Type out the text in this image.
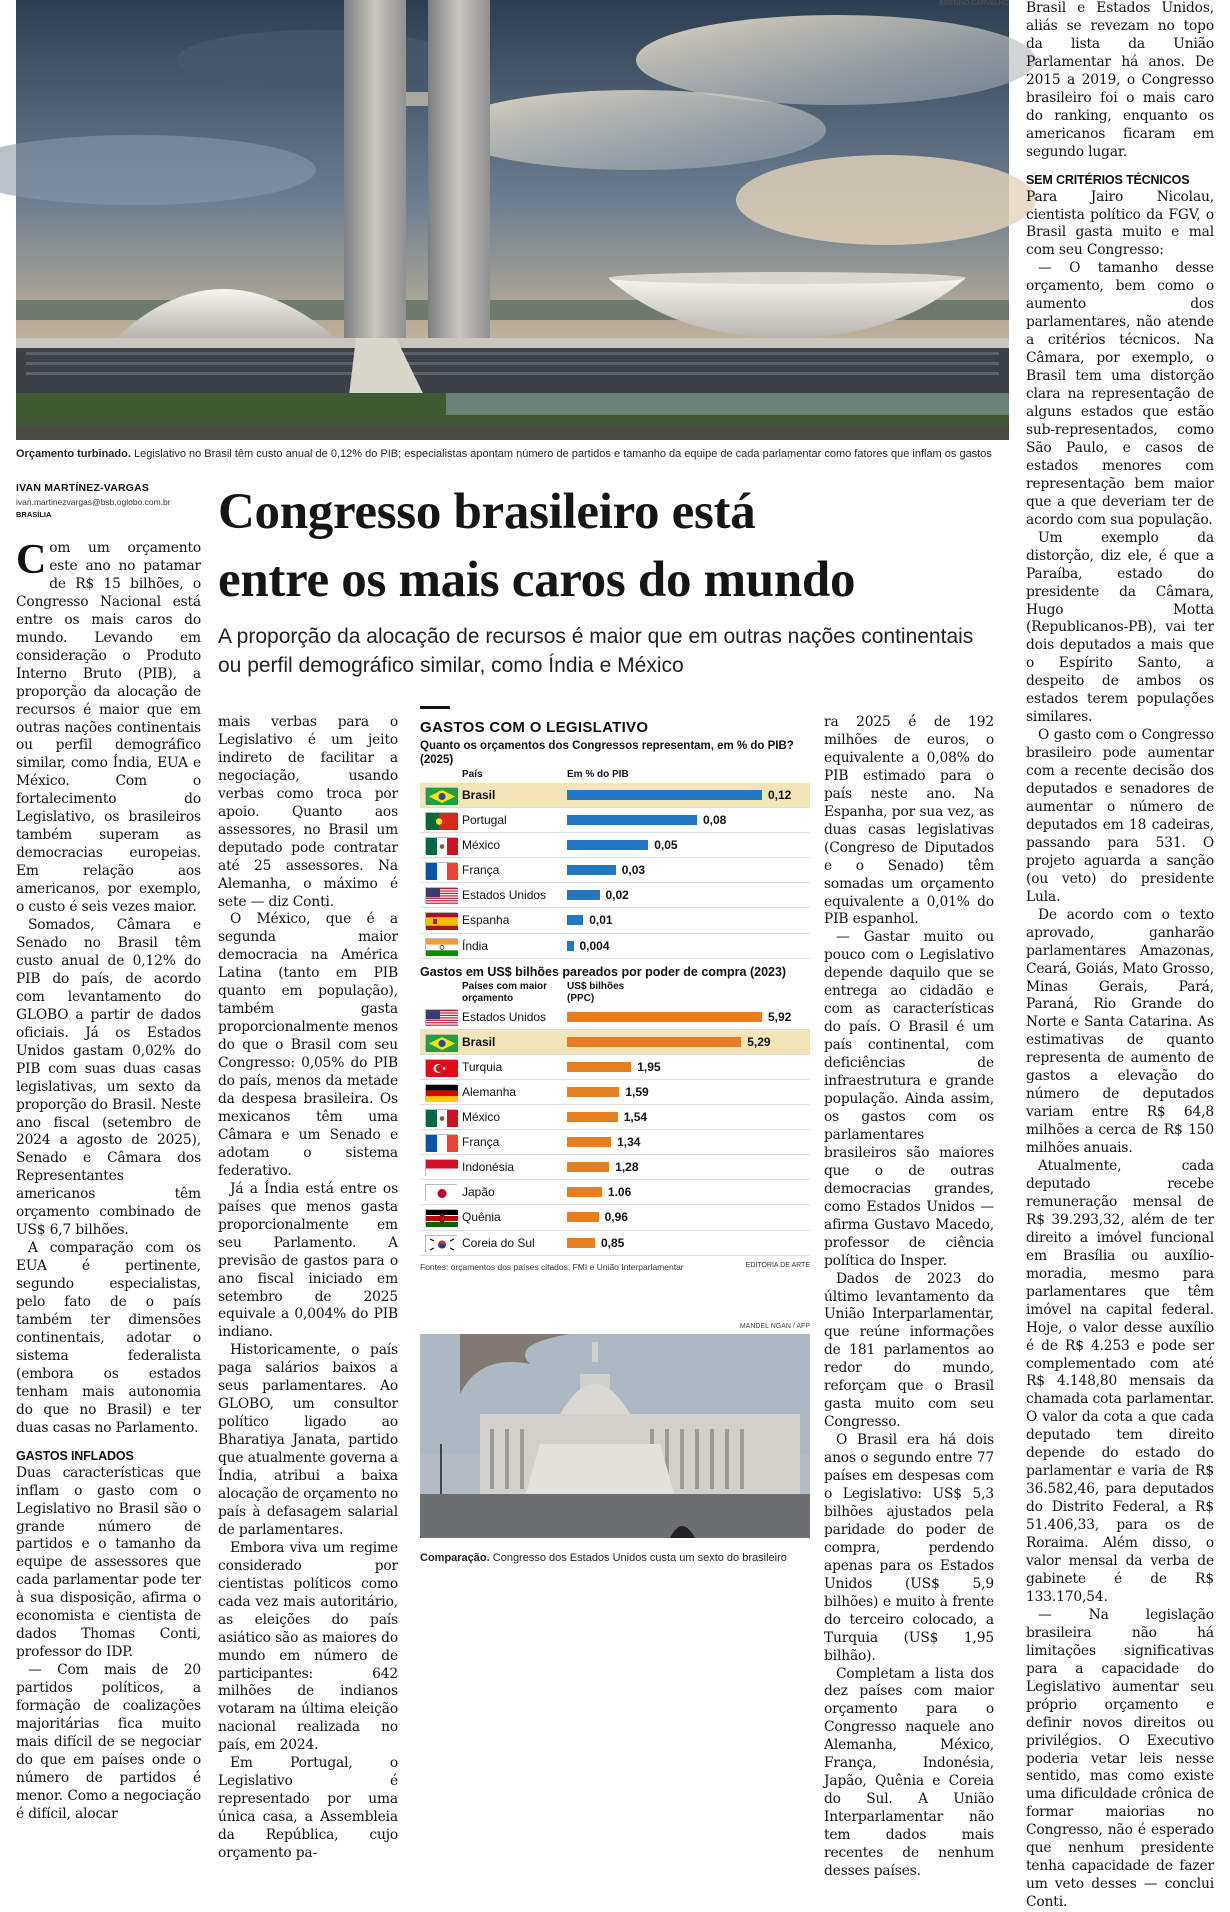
BRENNO CARVALHO
Orçamento turbinado. Legislativo no Brasil têm custo anual de 0,12% do PIB; especialistas apontam número de partidos e tamanho da equipe de cada parlamentar como fatores que inflam os gastos
IVAN MARTÍNEZ-VARGAS
ivan.martinezvargas@bsb.oglobo.com.br
BRASÍLIA	Congresso brasileiro está
entre os mais caros do mundo
A proporção da alocação de recursos é maior que em outras nações continentais ou perfil demográfico similar, como Índia e México

Com um orçamento este ano no patamar de R$ 15 bilhões, o Congresso Nacional está entre os mais caros do mundo. Levando em consideração o Produto Interno Bruto (PIB), a proporção da alocação de recursos é maior que em outras nações continentais ou perfil demográfico similar, como Índia, EUA e México. Com o fortalecimento do Legislativo, os brasileiros também superam as democracias europeias. Em relação aos americanos, por exemplo, o custo é seis vezes maior.

Somados, Câmara e Senado no Brasil têm custo anual de 0,12% do PIB do país, de acordo com levantamento do GLOBO a partir de dados oficiais. Já os Estados Unidos gastam 0,02% do PIB com suas duas casas legislativas, um sexto da proporção do Brasil. Neste ano fiscal (setembro de 2024 a agosto de 2025), Senado e Câmara dos Representantes americanos têm orçamento combinado de US$ 6,7 bilhões.

A comparação com os EUA é pertinente, segundo especialistas, pelo fato de o país também ter dimensões continentais, adotar o sistema federalista (embora os estados tenham mais autonomia do que no Brasil) e ter duas casas no Parlamento.

GASTOS INFLADOS

Duas características que inflam o gasto com o Legislativo no Brasil são o grande número de partidos e o tamanho da equipe de assessores que cada parlamentar pode ter à sua disposição, afirma o economista e cientista de dados Thomas Conti, professor do IDP.

— Com mais de 20 partidos políticos, a formação de coalizações majoritárias fica muito mais difícil de se negociar do que em países onde o número de partidos é menor. Como a negociação é difícil, alocar

mais verbas para o Legislativo é um jeito indireto de facilitar a negociação, usando verbas como troca por apoio. Quanto aos assessores, no Brasil um deputado pode contratar até 25 assessores. Na Alemanha, o máximo é sete — diz Conti.

O México, que é a segunda maior democracia na América Latina (tanto em PIB quanto em população), também gasta proporcionalmente menos do que o Brasil com seu Congresso: 0,05% do PIB do país, menos da metade da despesa brasileira. Os mexicanos têm uma Câmara e um Senado e adotam o sistema federativo.

Já a Índia está entre os países que menos gasta proporcionalmente em seu Parlamento. A previsão de gastos para o ano fiscal iniciado em setembro de 2025 equivale a 0,004% do PIB indiano.

Historicamente, o país paga salários baixos a seus parlamentares. Ao GLOBO, um consultor político ligado ao Bharatiya Janata, partido que atualmente governa a Índia, atribui a baixa alocação de orçamento no país à defasagem salarial de parlamentares.

Embora viva um regime considerado por cientistas políticos como cada vez mais autoritário, as eleições do país asiático são as maiores do mundo em número de participantes: 642 milhões de indianos votaram na última eleição nacional realizada no país, em 2024.

Em Portugal, o Legislativo é representado por uma única casa, a Assembleia da República, cujo orçamento pa-

GASTOS COM O LEGISLATIVO
Quanto os orçamentos dos Congressos representam, em % do PIB? (2025)
País	Em % do PIB
Brasil	0,12
Portugal	0,08
México	0,05
França	0,03
Estados Unidos	0,02
Espanha	0,01
Índia	0,004
Gastos em US$ bilhões pareados por poder de compra (2023)
Países com maior orçamento
US$ bilhões (PPC)
Estados Unidos	5,92
Brasil	5,29
Turquia	1,95
Alemanha	1,59
México	1,54
França	1,34
Indonésia	1,28
Japão	1.06
Quênia	0,96
Coreia do Sul	0,85
Fontes: orçamentos dos países citados, FMI e União Interparlamentar	EDITORIA DE ARTE
MANDEL NGAN / AFP
Comparação. Congresso dos Estados Unidos custa um sexto do brasileiro

ra 2025 é de 192 milhões de euros, o equivalente a 0,08% do PIB estimado para o país neste ano. Na Espanha, por sua vez, as duas casas legislativas (Congreso de Diputados e o Senado) têm somadas um orçamento equivalente a 0,01% do PIB espanhol.

— Gastar muito ou pouco com o Legislativo depende daquilo que se entrega ao cidadão e com as características do país. O Brasil é um país continental, com deficiências de infraestrutura e grande população. Ainda assim, os gastos com os parlamentares brasileiros são maiores que o de outras democracias grandes, como Estados Unidos — afirma Gustavo Macedo, professor de ciência política do Insper.

Dados de 2023 do último levantamento da União Interparlamentar, que reúne informações de 181 parlamentos ao redor do mundo, reforçam que o Brasil gasta muito com seu Congresso.

O Brasil era há dois anos o segundo entre 77 países em despesas com o Legislativo: US$ 5,3 bilhões ajustados pela paridade do poder de compra, perdendo apenas para os Estados Unidos (US$ 5,9 bilhões) e muito à frente do terceiro colocado, a Turquia (US$ 1,95 bilhão).

Completam a lista dos dez países com maior orçamento para o Congresso naquele ano Alemanha, México, França, Indonésia, Japão, Quênia e Coreia do Sul. A União Interparlamentar não tem dados mais recentes de nenhum desses países.

Brasil e Estados Unidos, aliás se revezam no topo da lista da União Parlamentar há anos. De 2015 a 2019, o Congresso brasileiro foi o mais caro do ranking, enquanto os americanos ficaram em segundo lugar.

SEM CRITÉRIOS TÉCNICOS

Para Jairo Nicolau, cientista político da FGV, o Brasil gasta muito e mal com seu Congresso:

— O tamanho desse orçamento, bem como o aumento dos parlamentares, não atende a critérios técnicos. Na Câmara, por exemplo, o Brasil tem uma distorção clara na representação de alguns estados que estão sub-representados, como São Paulo, e casos de estados menores com representação bem maior que a que deveriam ter de acordo com sua população.

Um exemplo da distorção, diz ele, é que a Paraíba, estado do presidente da Câmara, Hugo Motta (Republicanos-PB), vai ter dois deputados a mais que o Espírito Santo, a despeito de ambos os estados terem populações similares.

O gasto com o Congresso brasileiro pode aumentar com a recente decisão dos deputados e senadores de aumentar o número de deputados em 18 cadeiras, passando para 531. O projeto aguarda a sanção (ou veto) do presidente Lula.

De acordo com o texto aprovado, ganharão parlamentares Amazonas, Ceará, Goiás, Mato Grosso, Minas Gerais, Pará, Paraná, Rio Grande do Norte e Santa Catarina. As estimativas de quanto representa de aumento de gastos a elevação do número de deputados variam entre R$ 64,8 milhões a cerca de R$ 150 milhões anuais.

Atualmente, cada deputado recebe remuneração mensal de R$ 39.293,32, além de ter direito a imóvel funcional em Brasília ou auxílio-moradia, mesmo para parlamentares que têm imóvel na capital federal. Hoje, o valor desse auxílio é de R$ 4.253 e pode ser complementado com até R$ 4.148,80 mensais da chamada cota parlamentar. O valor da cota a que cada deputado tem direito depende do estado do parlamentar e varia de R$ 36.582,46, para deputados do Distrito Federal, a R$ 51.406,33, para os de Roraima. Além disso, o valor mensal da verba de gabinete é de R$ 133.170,54.

— Na legislação brasileira não há limitações significativas para a capacidade do Legislativo aumentar seu próprio orçamento e definir novos direitos ou privilégios. O Executivo poderia vetar leis nesse sentido, mas como existe uma dificuldade crônica de formar maiorias no Congresso, não é esperado que nenhum presidente tenha capacidade de fazer um veto desses — conclui Conti.
